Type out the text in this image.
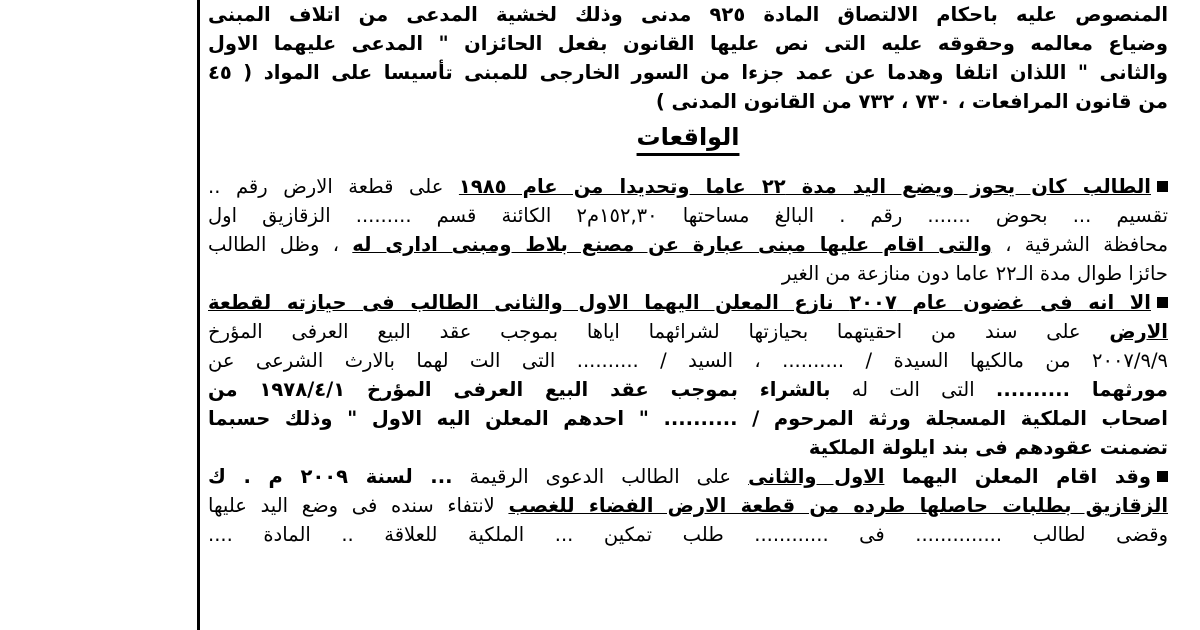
المنصوص عليه باحكام الالتصاق المادة ٩٢٥ مدنى وذلك لخشية المدعى من اتلاف المبنى
وضياع معالمه وحقوقه عليه التى نص عليها القانون بفعل الحائزان " المدعى عليهما الاول
والثانى " اللذان اتلفا وهدما عن عمد جزءا من السور الخارجى للمبنى تأسيسا على المواد ( ٤٥
من قانون المرافعات ، ٧٣٠ ، ٧٣٢ من القانون المدنى )
الواقعات
الطالب كان يحوز ويضع اليد مدة ٢٢ عاما وتحديدا من عام ١٩٨٥ على قطعة الارض رقم ..
تقسيم ... بحوض ....... رقم . البالغ مساحتها ١٥٢,٣٠م٢ الكائنة قسم ......... الزقازيق اول
محافظة الشرقية ، والتى اقام عليها مبنى عبارة عن مصنع بلاط ومبنى ادارى له ، وظل الطالب
حائزا طوال مدة الـ٢٢ عاما دون منازعة من الغير
الا انه فى غضون عام ٢٠٠٧ نازع المعلن اليهما الاول والثانى الطالب فى حيازته لقطعة
الارض على سند من احقيتهما بحيازتها لشرائهما اياها بموجب عقد البيع العرفى المؤرخ
٢٠٠٧/٩/٩ من مالكيها السيدة / .......... ، السيد / .......... التى الت لهما بالارث الشرعى عن
مورثهما .......... التى الت له بالشراء بموجب عقد البيع العرفى المؤرخ ١٩٧٨/٤/١ من
اصحاب الملكية المسجلة ورثة المرحوم / .......... " احدهم المعلن اليه الاول " وذلك حسبما
تضمنت عقودهم فى بند ايلولة الملكية
وقد اقام المعلن اليهما الاول والثانى على الطالب الدعوى الرقيمة ... لسنة ٢٠٠٩ م . ك
الزقازيق بطلبات حاصلها طرده من قطعة الارض الفضاء للغصب لانتفاء سنده فى وضع اليد عليها
وقضى لطالب .............. فى ............ طلب تمكين ... الملكية للعلاقة .. المادة ....
